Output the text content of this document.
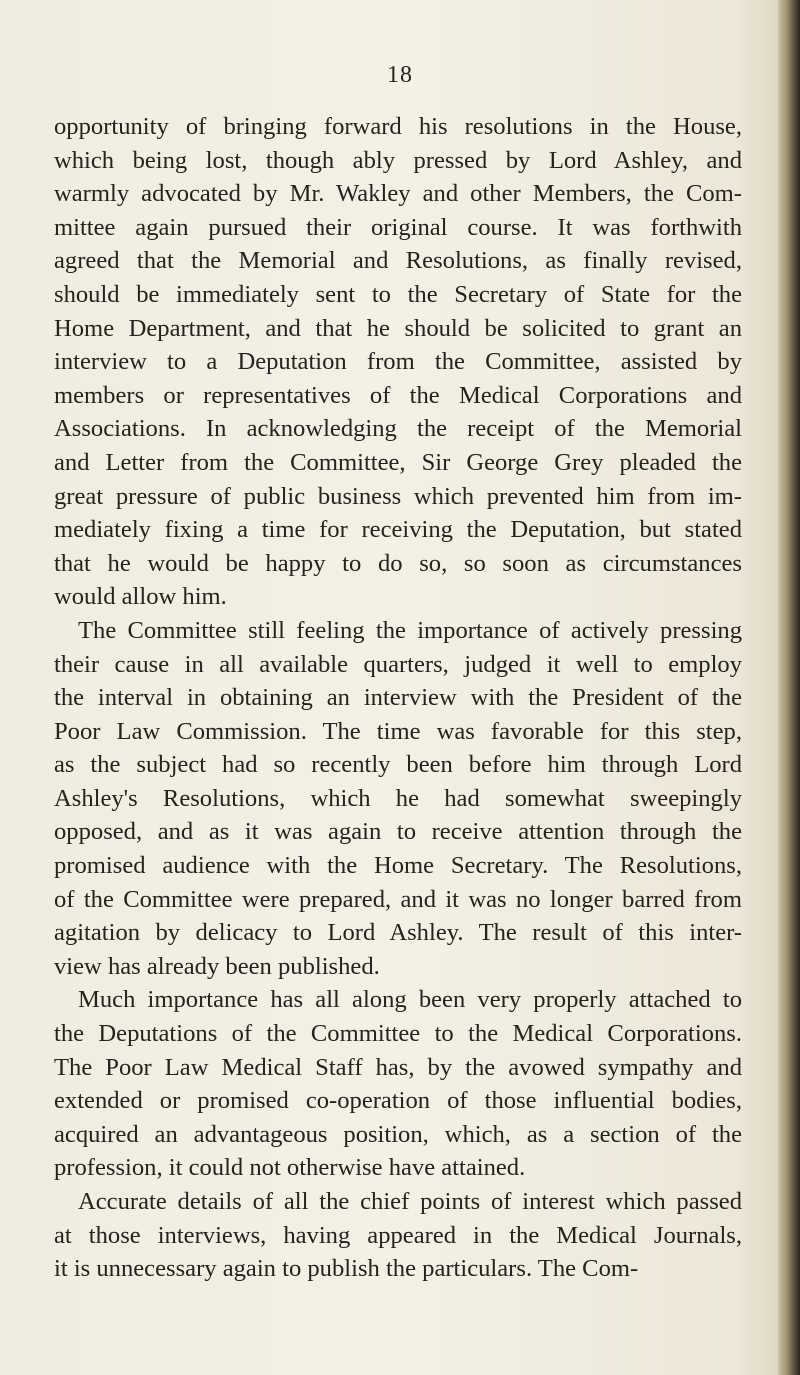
18

opportunity of bringing forward his resolutions in the House,
which being lost, though ably pressed by Lord Ashley, and
warmly advocated by Mr. Wakley and other Members, the Com-
mittee again pursued their original course. It was forthwith
agreed that the Memorial and Resolutions, as finally revised,
should be immediately sent to the Secretary of State for the
Home Department, and that he should be solicited to grant an
interview to a Deputation from the Committee, assisted by
members or representatives of the Medical Corporations and
Associations. In acknowledging the receipt of the Memorial
and Letter from the Committee, Sir George Grey pleaded the
great pressure of public business which prevented him from im-
mediately fixing a time for receiving the Deputation, but stated
that he would be happy to do so, so soon as circumstances
would allow him.

The Committee still feeling the importance of actively pressing
their cause in all available quarters, judged it well to employ
the interval in obtaining an interview with the President of the
Poor Law Commission. The time was favorable for this step,
as the subject had so recently been before him through Lord
Ashley's Resolutions, which he had somewhat sweepingly
opposed, and as it was again to receive attention through the
promised audience with the Home Secretary. The Resolutions,
of the Committee were prepared, and it was no longer barred from
agitation by delicacy to Lord Ashley. The result of this inter-
view has already been published.

Much importance has all along been very properly attached to
the Deputations of the Committee to the Medical Corporations.
The Poor Law Medical Staff has, by the avowed sympathy and
extended or promised co-operation of those influential bodies,
acquired an advantageous position, which, as a section of the
profession, it could not otherwise have attained.

Accurate details of all the chief points of interest which passed
at those interviews, having appeared in the Medical Journals,
it is unnecessary again to publish the particulars. The Com-
